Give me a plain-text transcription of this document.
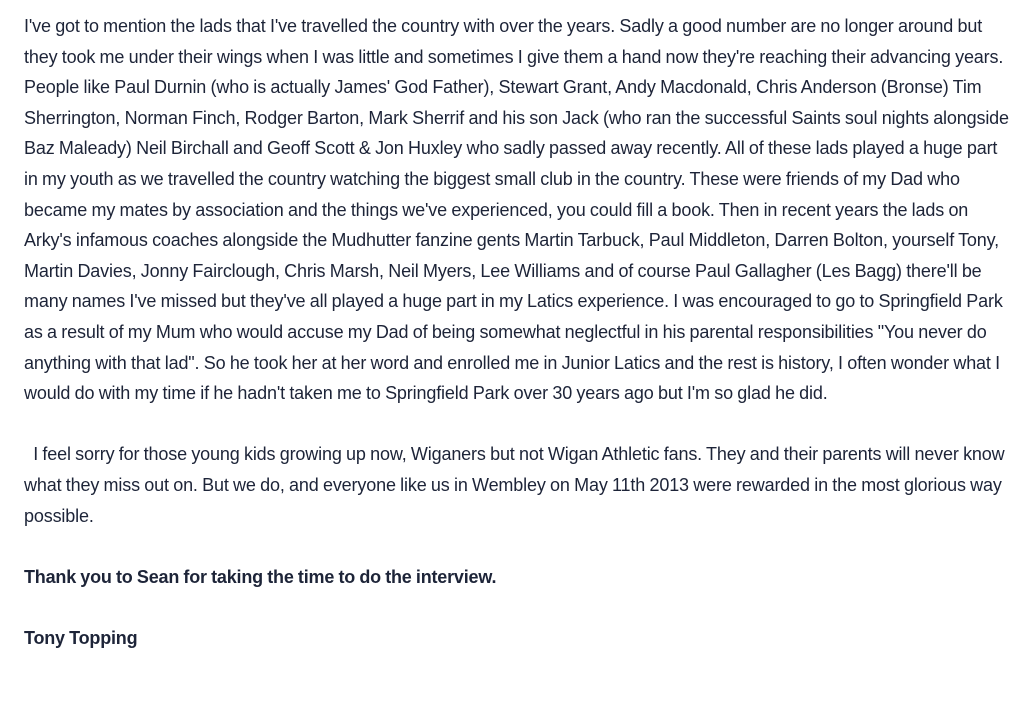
I've got to mention the lads that I've travelled the country with over the years. Sadly a good number are no longer around but they took me under their wings when I was little and sometimes I give them a hand now they're reaching their advancing years. People like Paul Durnin (who is actually James' God Father), Stewart Grant, Andy Macdonald, Chris Anderson (Bronse) Tim Sherrington, Norman Finch, Rodger Barton, Mark Sherrif and his son Jack (who ran the successful Saints soul nights alongside Baz Maleady) Neil Birchall and Geoff Scott & Jon Huxley who sadly passed away recently. All of these lads played a huge part in my youth as we travelled the country watching the biggest small club in the country. These were friends of my Dad who became my mates by association and the things we've experienced, you could fill a book. Then in recent years the lads on Arky's infamous coaches alongside the Mudhutter fanzine gents Martin Tarbuck, Paul Middleton, Darren Bolton, yourself Tony, Martin Davies, Jonny Fairclough, Chris Marsh, Neil Myers, Lee Williams and of course Paul Gallagher (Les Bagg) there'll be many names I've missed but they've all played a huge part in my Latics experience. I was encouraged to go to Springfield Park as a result of my Mum who would accuse my Dad of being somewhat neglectful in his parental responsibilities "You never do anything with that lad". So he took her at her word and enrolled me in Junior Latics and the rest is history, I often wonder what I would do with my time if he hadn't taken me to Springfield Park over 30 years ago but I'm so glad he did.

I feel sorry for those young kids growing up now, Wiganers but not Wigan Athletic fans. They and their parents will never know what they miss out on. But we do, and everyone like us in Wembley on May 11th 2013 were rewarded in the most glorious way possible.

Thank you to Sean for taking the time to do the interview.

Tony Topping
